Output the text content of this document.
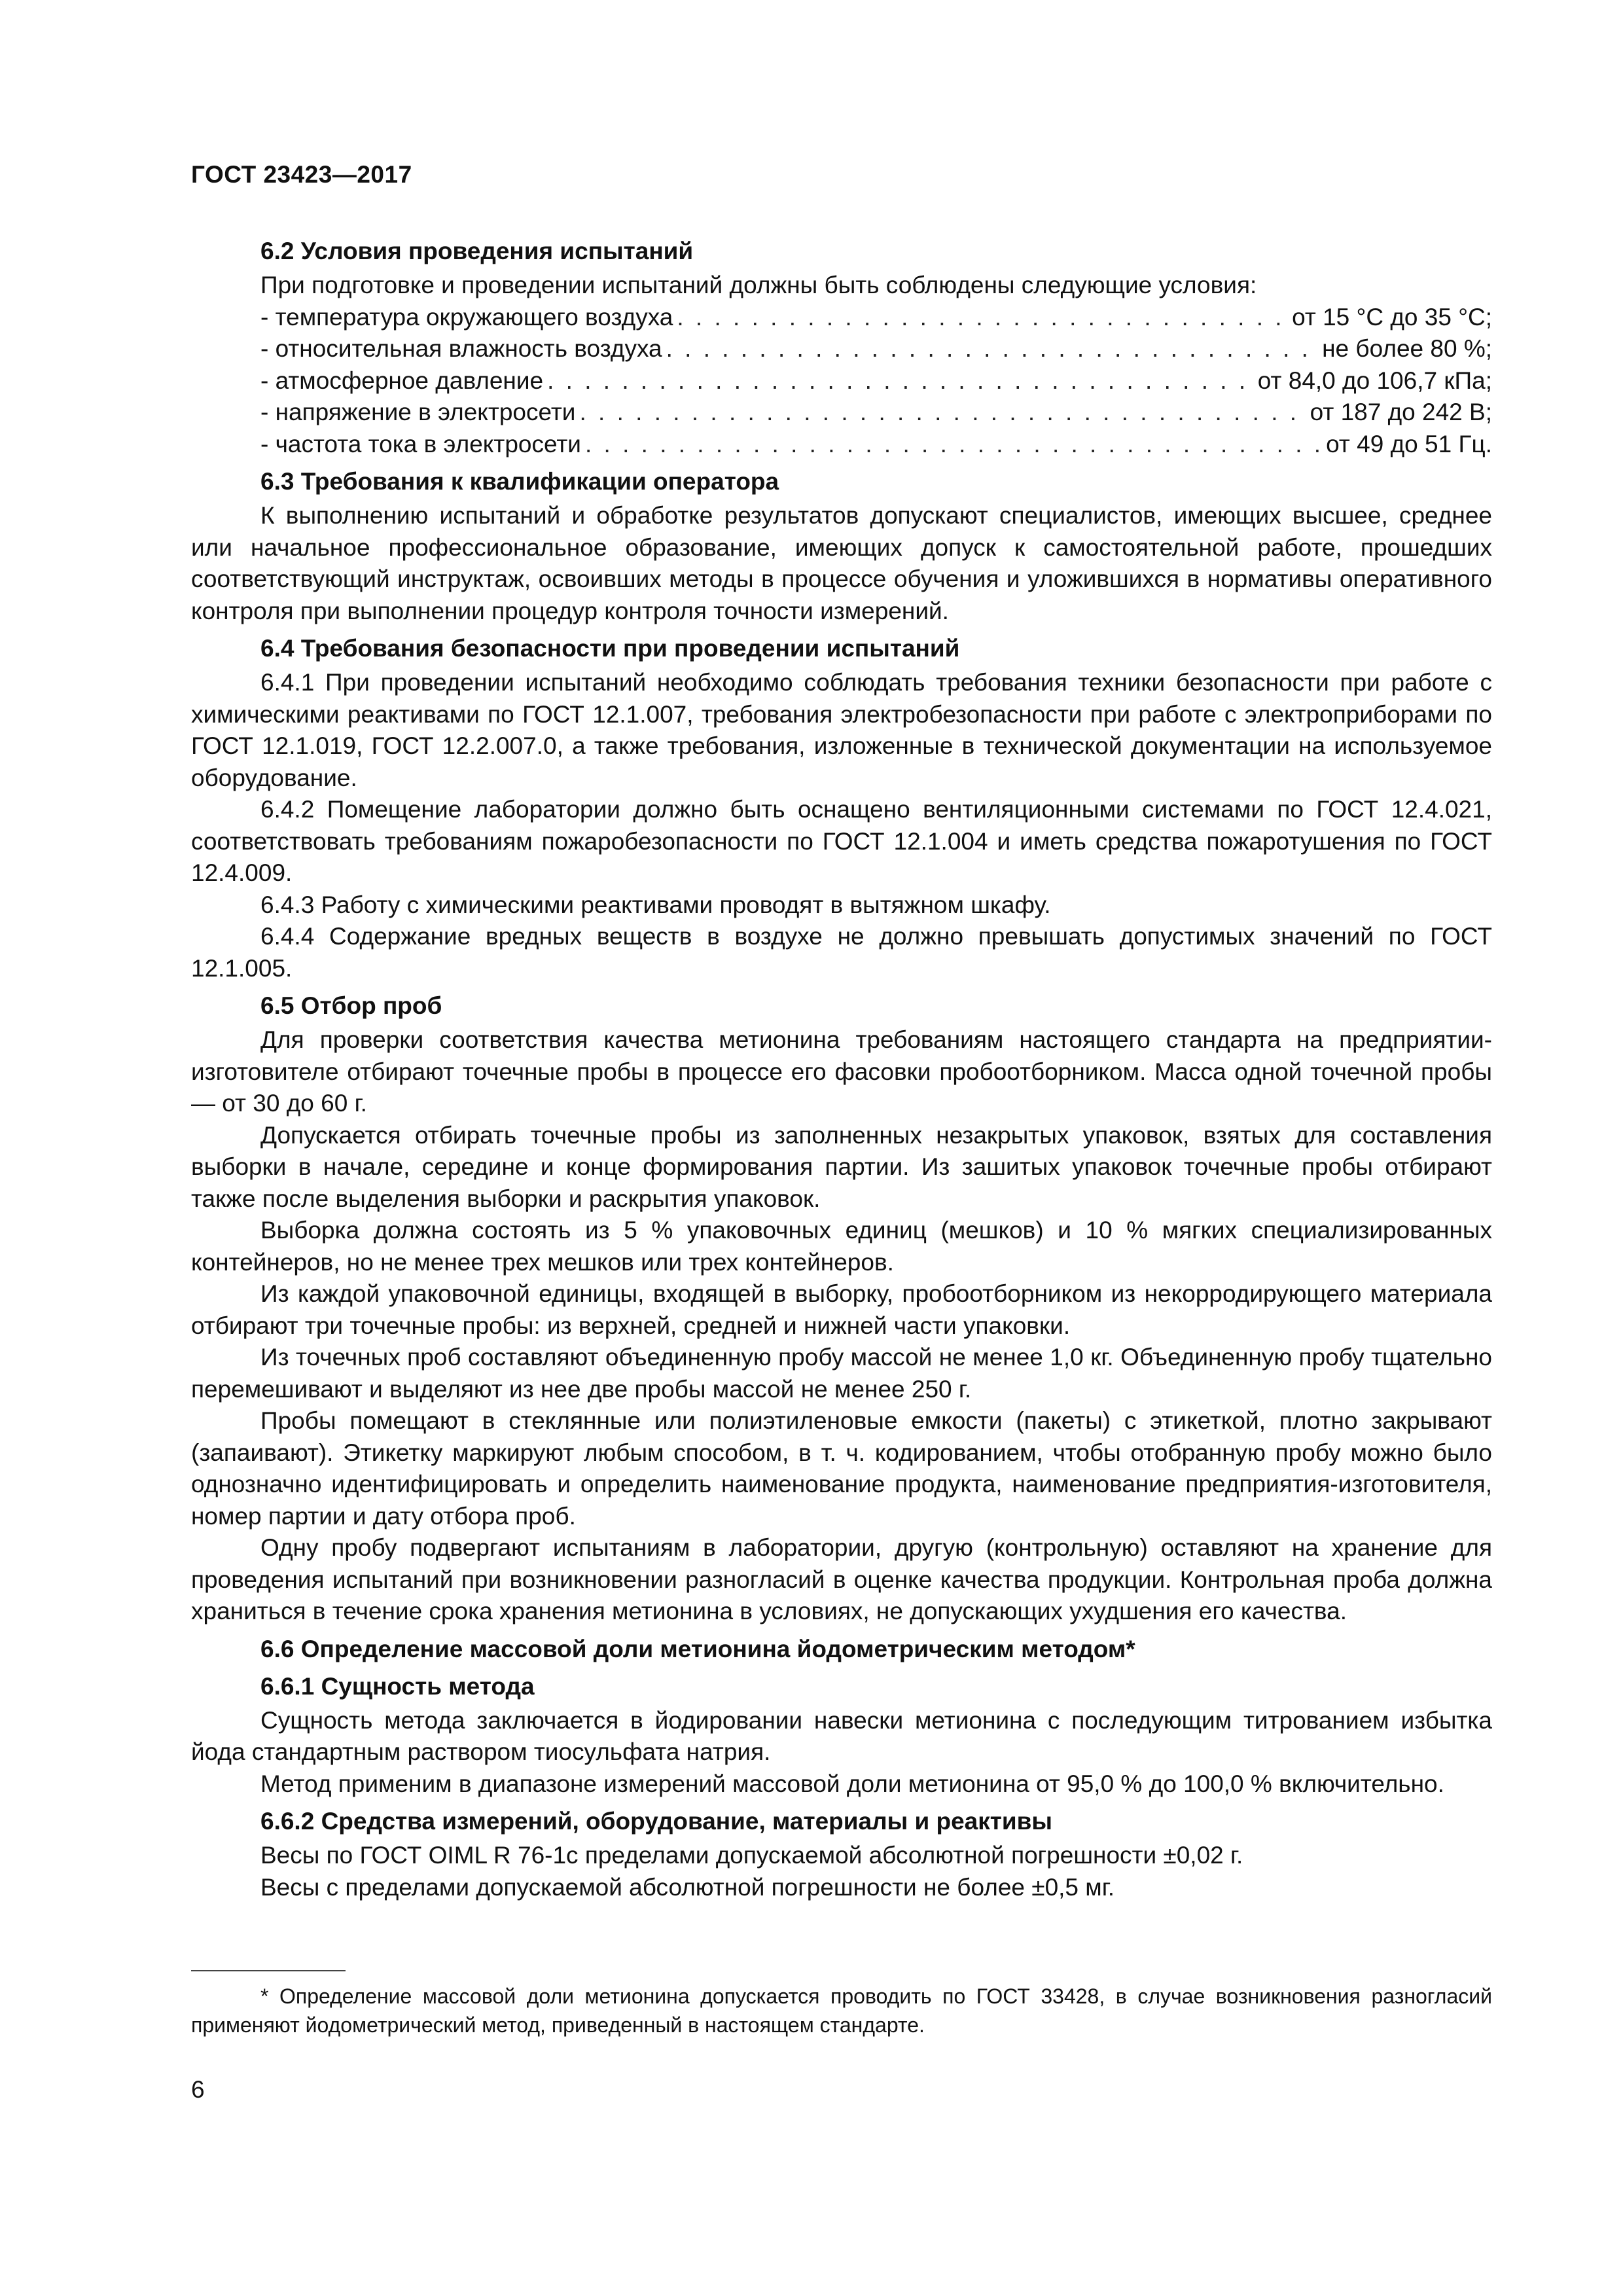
ГОСТ 23423—2017
6.2 Условия проведения испытаний

При подготовке и проведении испытаний должны быть соблюдены следующие условия:

- температура окружающего воздуха . . .	от 15 °С до 35 °С;
- относительная влажность воздуха . . .	не более 80 %;
- атмосферное давление . . .	от 84,0 до 106,7 кПа;
- напряжение в электросети . . .	от 187 до 242 В;
- частота тока в электросети . . .	от 49 до 51 Гц.
6.3 Требования к квалификации оператора

К выполнению испытаний и обработке результатов допускают специалистов, имеющих высшее, среднее или начальное профессиональное образование, имеющих допуск к самостоятельной работе, прошедших соответствующий инструктаж, освоивших методы в процессе обучения и уложившихся в нормативы оперативного контроля при выполнении процедур контроля точности измерений.

6.4 Требования безопасности при проведении испытаний

6.4.1 При проведении испытаний необходимо соблюдать требования техники безопасности при работе с химическими реактивами по ГОСТ 12.1.007, требования электробезопасности при работе с электроприборами по ГОСТ 12.1.019, ГОСТ 12.2.007.0, а также требования, изложенные в технической документации на используемое оборудование.

6.4.2 Помещение лаборатории должно быть оснащено вентиляционными системами по ГОСТ 12.4.021, соответствовать требованиям пожаробезопасности по ГОСТ 12.1.004 и иметь средства пожаротушения по ГОСТ 12.4.009.

6.4.3 Работу с химическими реактивами проводят в вытяжном шкафу.

6.4.4 Содержание вредных веществ в воздухе не должно превышать допустимых значений по ГОСТ 12.1.005.

6.5 Отбор проб

Для проверки соответствия качества метионина требованиям настоящего стандарта на предприятии-изготовителе отбирают точечные пробы в процессе его фасовки пробоотборником. Масса одной точечной пробы — от 30 до 60 г.

Допускается отбирать точечные пробы из заполненных незакрытых упаковок, взятых для составления выборки в начале, середине и конце формирования партии. Из зашитых упаковок точечные пробы отбирают также после выделения выборки и раскрытия упаковок.

Выборка должна состоять из 5 % упаковочных единиц (мешков) и 10 % мягких специализированных контейнеров, но не менее трех мешков или трех контейнеров.

Из каждой упаковочной единицы, входящей в выборку, пробоотборником из некорродирующего материала отбирают три точечные пробы: из верхней, средней и нижней части упаковки.

Из точечных проб составляют объединенную пробу массой не менее 1,0 кг. Объединенную пробу тщательно перемешивают и выделяют из нее две пробы массой не менее 250 г.

Пробы помещают в стеклянные или полиэтиленовые емкости (пакеты) с этикеткой, плотно закрывают (запаивают). Этикетку маркируют любым способом, в т. ч. кодированием, чтобы отобранную пробу можно было однозначно идентифицировать и определить наименование продукта, наименование предприятия-изготовителя, номер партии и дату отбора проб.

Одну пробу подвергают испытаниям в лаборатории, другую (контрольную) оставляют на хранение для проведения испытаний при возникновении разногласий в оценке качества продукции. Контрольная проба должна храниться в течение срока хранения метионина в условиях, не допускающих ухудшения его качества.

6.6 Определение массовой доли метионина йодометрическим методом*
6.6.1 Сущность метода

Сущность метода заключается в йодировании навески метионина с последующим титрованием избытка йода стандартным раствором тиосульфата натрия.

Метод применим в диапазоне измерений массовой доли метионина от 95,0 % до 100,0 % включительно.

6.6.2 Средства измерений, оборудование, материалы и реактивы

Весы по ГОСТ OIML R 76-1с пределами допускаемой абсолютной погрешности ±0,02 г.

Весы с пределами допускаемой абсолютной погрешности не более ±0,5 мг.

* Определение массовой доли метионина допускается проводить по ГОСТ 33428, в случае возникновения разногласий применяют йодометрический метод, приведенный в настоящем стандарте.

6
